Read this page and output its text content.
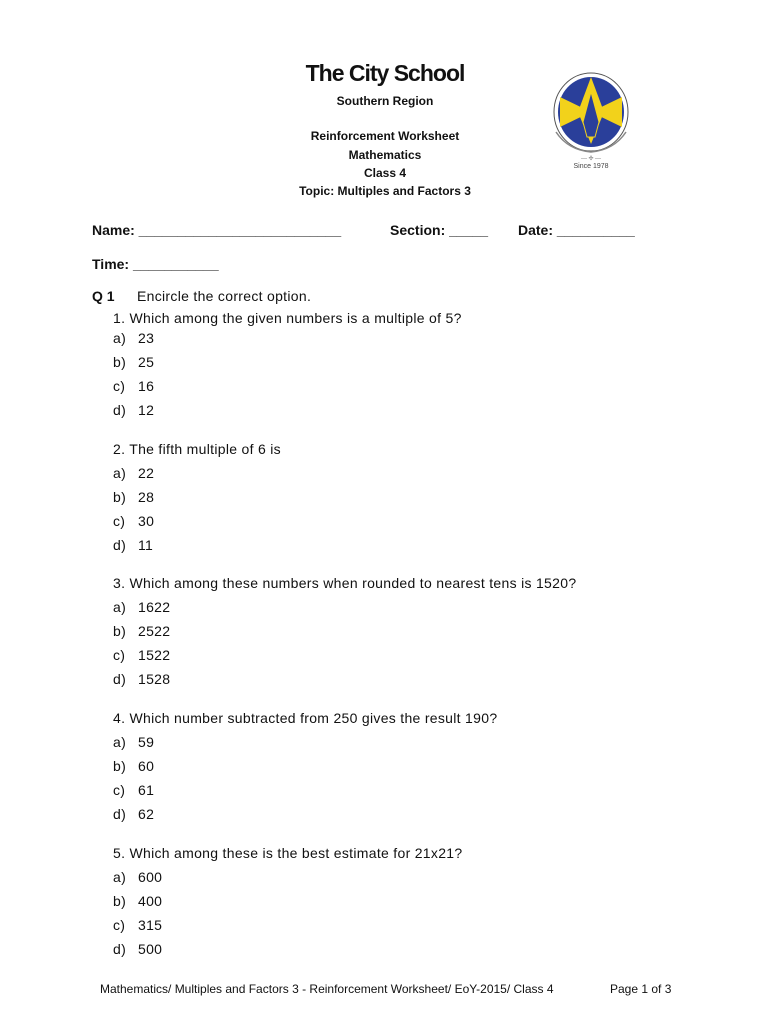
The City School
Southern Region
Reinforcement Worksheet
Mathematics
Class 4
Topic: Multiples and Factors 3
— ✢ —
Since 1978
Name: __________________________	Section: _____ Date: __________
Time: ___________
Q 1 Encircle the correct option.
1. Which among the given numbers is a multiple of 5?
a) 23
b) 25
c) 16
d) 12
2. The fifth multiple of 6 is
a) 22
b) 28
c) 30
d) 11
3. Which among these numbers when rounded to nearest tens is 1520?
a) 1622
b) 2522
c) 1522
d) 1528
4. Which number subtracted from 250 gives the result 190?
a) 59
b) 60
c) 61
d) 62
5. Which among these is the best estimate for 21x21?
a) 600
b) 400
c) 315
d) 500
Mathematics/ Multiples and Factors 3 - Reinforcement Worksheet/ EoY-2015/ Class 4	Page 1 of 3
